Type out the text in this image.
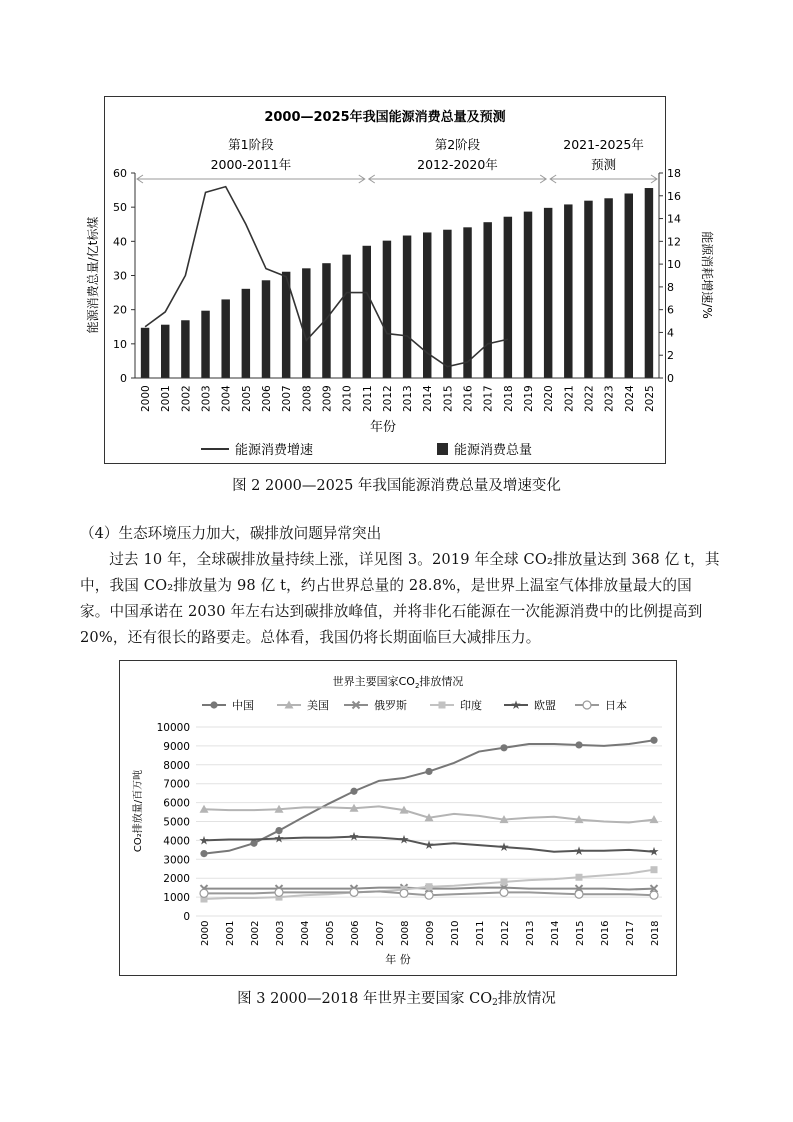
2000—2025年我国能源消费总量及预测
第1阶段
2000-2011年
第2阶段
2012-2020年
2021-2025年
预测
0
10
20
30
40
50
60
0
2
4
6
8
10
12
14
16
18
2000 2001 2002 2003 2004 2005 2006 2007 2008 2009 2010 2011 2012 2013 2014 2015 2016 2017 2018 2019 2020 2021 2022 2023 2024 2025
能源消费总量/亿t标煤	能源消耗增速/%
年份
能源消费增速	能源消费总量
图 2 2000—2025 年我国能源消费总量及增速变化
（4）生态环境压力加大，碳排放问题异常突出
过去 10 年，全球碳排放量持续上涨，详见图 3。2019 年全球 CO₂排放量达到 368 亿 t，其中，我国 CO₂排放量为 98 亿 t，约占世界总量的 28.8%，是世界上温室气体排放量最大的国家。中国承诺在 2030 年左右达到碳排放峰值，并将非化石能源在一次能源消费中的比例提高到 20%，还有很长的路要走。总体看，我国仍将长期面临巨大减排压力。
世界主要国家$CO_2$排放情况
中国	美国	俄罗斯	印度 ★ 欧盟	日本
0
1000
2000
3000
4000
5000
6000
7000
8000
9000
10000
★	★	★	★ ★	★	★	★
2000 2001 2002 2003 2004 2005 2006 2007 2008 2009 2010 2011 2012 2013 2014 2015 2016 2017 2018
CO₂排放量/百万吨
年 份
图 3 2000—2018 年世界主要国家 $CO_2$排放情况
